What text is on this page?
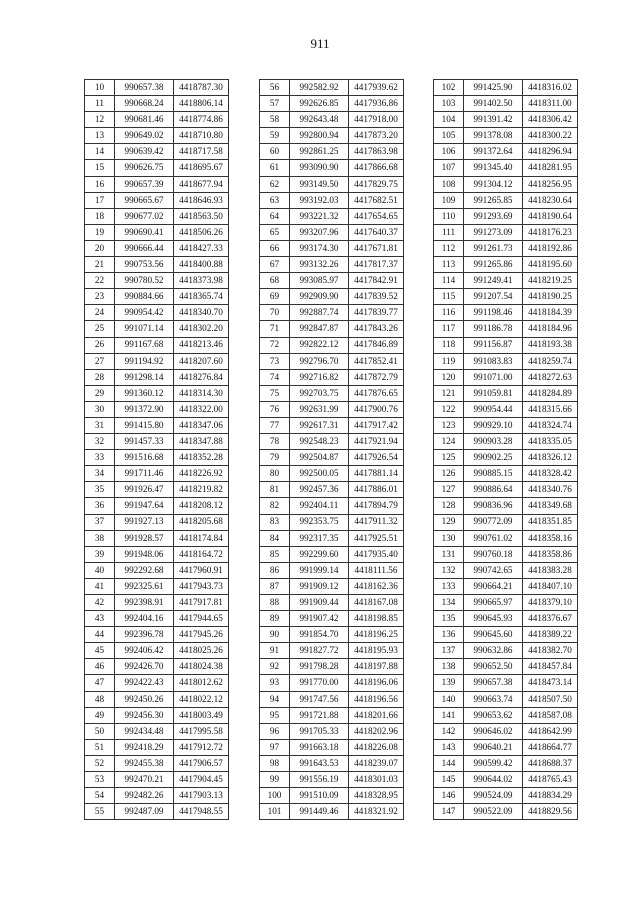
911
10	990657.38	4418787.30
11	990668.24	4418806.14
12	990681.46	4418774.86
13	990649.02	4418710.80
14	990639.42	4418717.58
15	990626.75	4418695.67
16	990657.39	4418677.94
17	990665.67	4418646.93
18	990677.02	4418563.50
19	990690.41	4418506.26
20	990666.44	4418427.33
21	990753.56	4418400.88
22	990780.52	4418373.98
23	990884.66	4418365.74
24	990954.42	4418340.70
25	991071.14	4418302.20
26	991167.68	4418213.46
27	991194.92	4418207.60
28	991298.14	4418276.84
29	991360.12	4418314.30
30	991372.90	4418322.00
31	991415.80	4418347.06
32	991457.33	4418347.88
33	991516.68	4418352.28
34	991711.46	4418226.92
35	991926.47	4418219.82
36	991947.64	4418208.12
37	991927.13	4418205.68
38	991928.57	4418174.84
39	991948.06	4418164.72
40	992292.68	4417960.91
41	992325.61	4417943.73
42	992398.91	4417917.81
43	992404.16	4417944.65
44	992396.78	4417945.26
45	992406.42	4418025.26
46	992426.70	4418024.38
47	992422.43	4418012.62
48	992450.26	4418022.12
49	992456.30	4418003.49
50	992434.48	4417995.58
51	992418.29	4417912.72
52	992455.38	4417906.57
53	992470.21	4417904.45
54	992482.26	4417903.13
55	992487.09	4417948.55
56	992582.92	4417939.62
57	992626.85	4417936.86
58	992643.48	4417918.00
59	992800.94	4417873.20
60	992861.25	4417863.98
61	993090.90	4417866.68
62	993149.50	4417829.75
63	993192.03	4417682.51
64	993221.32	4417654.65
65	993207.96	4417640.37
66	993174.30	4417671.81
67	993132.26	4417817.37
68	993085.97	4417842.91
69	992909.90	4417839.52
70	992887.74	4417839.77
71	992847.87	4417843.26
72	992822.12	4417846.89
73	992796.70	4417852.41
74	992716.82	4417872.79
75	992703.75	4417876.65
76	992631.99	4417900.76
77	992617.31	4417917.42
78	992548.23	4417921.94
79	992504.87	4417926.54
80	992500.05	4417881.14
81	992457.36	4417886.01
82	992404.11	4417894.79
83	992353.75	4417911.32
84	992317.35	4417925.51
85	992299.60	4417935.40
86	991999.14	4418111.56
87	991909.12	4418162.36
88	991909.44	4418167.08
89	991907.42	4418198.85
90	991854.70	4418196.25
91	991827.72	4418195.93
92	991798.28	4418197.88
93	991770.00	4418196.06
94	991747.56	4418196.56
95	991721.88	4418201.66
96	991705.33	4418202.96
97	991663.18	4418226.08
98	991643.53	4418239.07
99	991556.19	4418301.03
100	991510.09	4418328.95
101	991449.46	4418321.92
102	991425.90	4418316.02
103	991402.50	4418311.00
104	991391.42	4418306.42
105	991378.08	4418300.22
106	991372.64	4418296.94
107	991345.40	4418281.95
108	991304.12	4418256.95
109	991265.85	4418230.64
110	991293.69	4418190.64
111	991273.09	4418176.23
112	991261.73	4418192.86
113	991265.86	4418195.60
114	991249.41	4418219.25
115	991207.54	4418190.25
116	991198.46	4418184.39
117	991186.78	4418184.96
118	991156.87	4418193.38
119	991083.83	4418259.74
120	991071.00	4418272.63
121	991059.81	4418284.89
122	990954.44	4418315.66
123	990929.10	4418324.74
124	990903.28	4418335.05
125	990902.25	4418326.12
126	990885.15	4418328.42
127	990886.64	4418340.76
128	990836.96	4418349.68
129	990772.09	4418351.85
130	990761.02	4418358.16
131	990760.18	4418358.86
132	990742.65	4418383.28
133	990664.21	4418407.10
134	990665.97	4418379.10
135	990645.93	4418376.67
136	990645.60	4418389.22
137	990632.86	4418382.70
138	990652.50	4418457.84
139	990657.38	4418473.14
140	990663.74	4418507.50
141	990653.62	4418587.08
142	990646.02	4418642.99
143	990640.21	4418664.77
144	990599.42	4418688.37
145	990644.02	4418765.43
146	990524.09	4418834.29
147	990522.09	4418829.56
